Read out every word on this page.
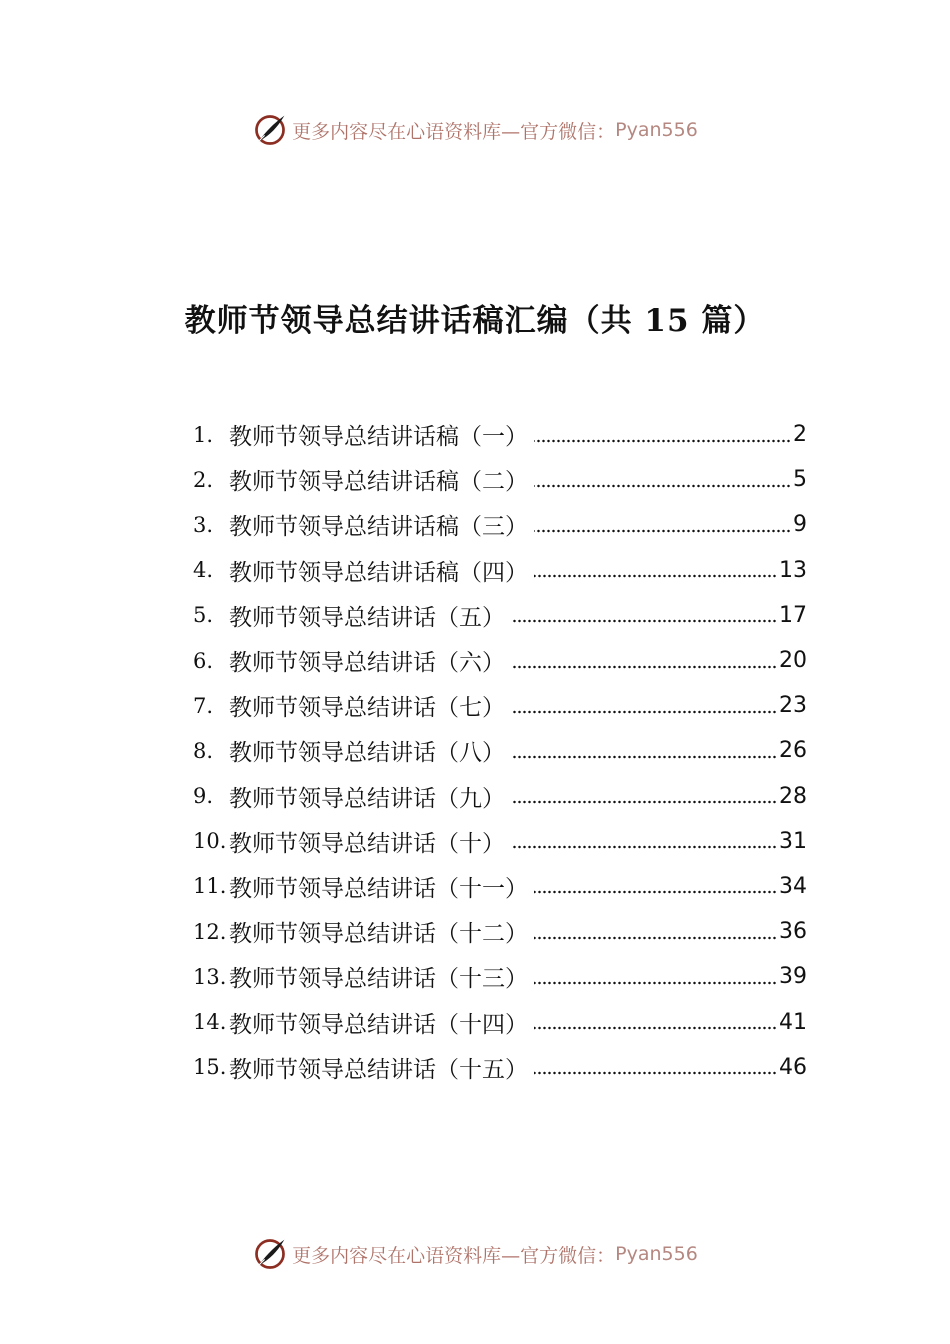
更多内容尽在心语资料库—官方微信： Pyan556
教师节领导总结讲话稿汇编（共 15 篇）
1. 教师节领导总结讲话稿（一）	2
2. 教师节领导总结讲话稿（二）	5
3. 教师节领导总结讲话稿（三）	9
4. 教师节领导总结讲话稿（四）	13
5. 教师节领导总结讲话（五）	17
6. 教师节领导总结讲话（六）	20
7. 教师节领导总结讲话（七）	23
8. 教师节领导总结讲话（八）	26
9. 教师节领导总结讲话（九）	28
10. 教师节领导总结讲话（十）	31
11. 教师节领导总结讲话（十一）	34
12. 教师节领导总结讲话（十二）	36
13. 教师节领导总结讲话（十三）	39
14. 教师节领导总结讲话（十四）	41
15. 教师节领导总结讲话（十五）	46
更多内容尽在心语资料库—官方微信： Pyan556
